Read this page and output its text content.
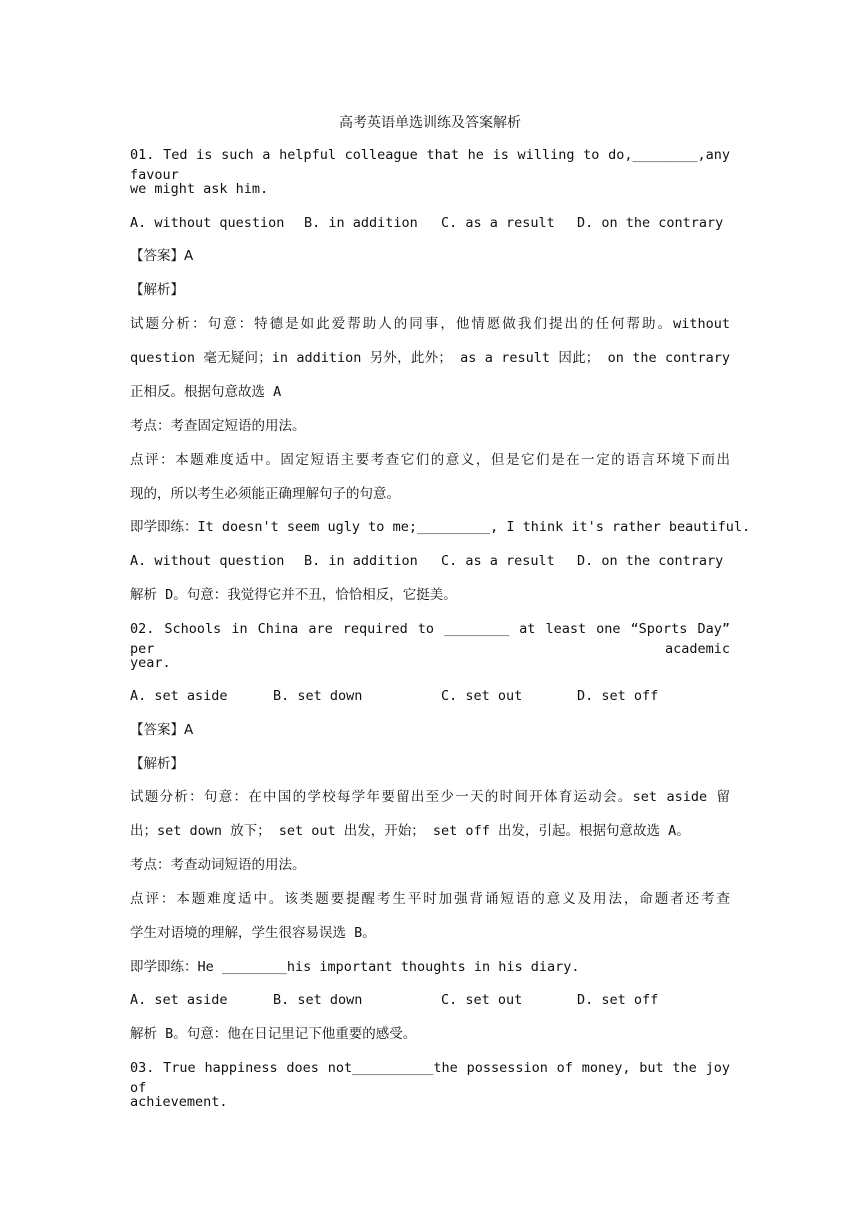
高考英语单选训练及答案解析
01. Ted is such a helpful colleague that he is willing to do,________,any favour
we might ask him.

A. without question

B. in addition

C. as a result

D. on the contrary

【答案】A
【解析】
试题分析：句意：特德是如此爱帮助人的同事，他情愿做我们提出的任何帮助。without
question 毫无疑问；in addition 另外，此外； as a result 因此； on the contrary
正相反。根据句意故选 A
考点：考查固定短语的用法。
点评：本题难度适中。固定短语主要考查它们的意义，但是它们是在一定的语言环境下而出
现的，所以考生必须能正确理解句子的句意。
即学即练：It doesn't seem ugly to me;_________, I think it's rather beautiful.

A. without question

B. in addition

C. as a result

D. on the contrary

解析 D。句意：我觉得它并不丑，恰恰相反，它挺美。
02. Schools in China are required to ________ at least one “Sports Day” per academic
year.

A. set aside

	B. set down

	C. set out

	D. set off

【答案】A
【解析】
试题分析：句意：在中国的学校每学年要留出至少一天的时间开体育运动会。set aside 留
出；set down 放下； set out 出发，开始； set off 出发，引起。根据句意故选 A。
考点：考查动词短语的用法。
点评：本题难度适中。该类题要提醒考生平时加强背诵短语的意义及用法，命题者还考查
学生对语境的理解，学生很容易误选 B。
即学即练：He ________his important thoughts in his diary.

A. set aside

	B. set down

	C. set out

	D. set off

解析 B。句意：他在日记里记下他重要的感受。
03. True happiness does not__________the possession of money, but the joy of
achievement.
